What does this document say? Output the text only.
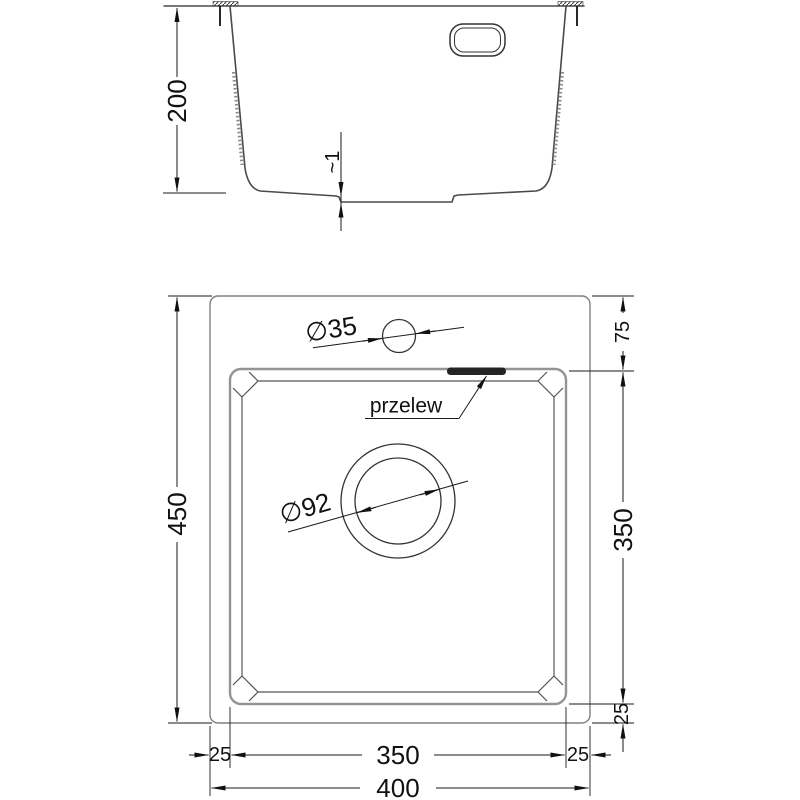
200
~1
∅35
∅92
przelew
450
75
350
25
25	350	25
400
